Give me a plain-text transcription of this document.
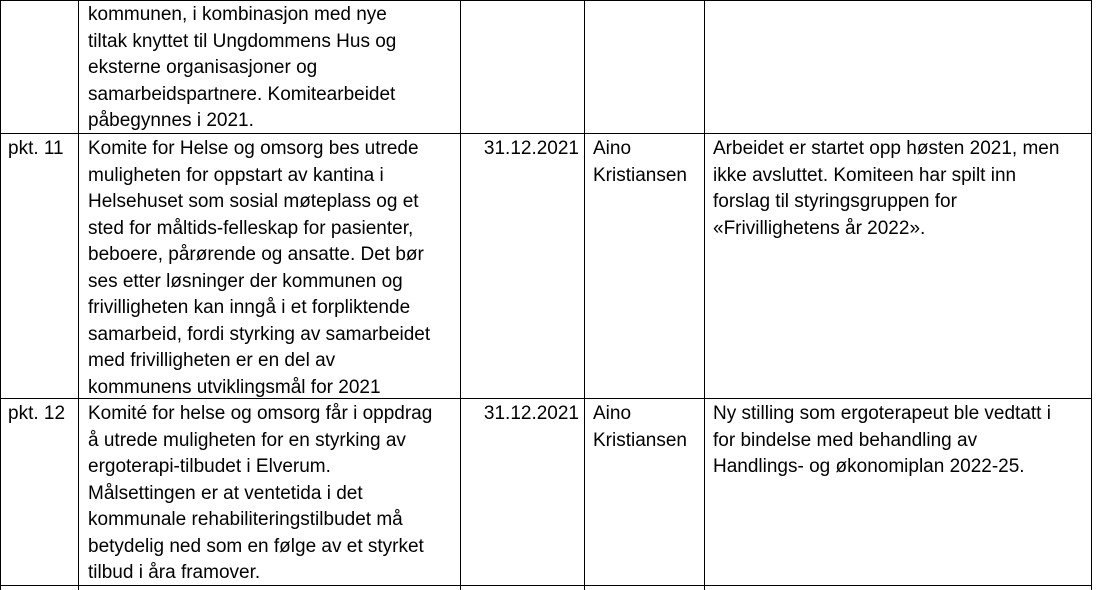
kommunen, i kombinasjon med nye
tiltak knyttet til Ungdommens Hus og
eksterne organisasjoner og
samarbeidspartnere. Komitearbeidet
påbegynnes i 2021.
pkt. 11 Komite for Helse og omsorg bes utrede
muligheten for oppstart av kantina i
Helsehuset som sosial møteplass og et
sted for måltids-felleskap for pasienter,
beboere, pårørende og ansatte. Det bør
ses etter løsninger der kommunen og
frivilligheten kan inngå i et forpliktende
samarbeid, fordi styrking av samarbeidet
med frivilligheten er en del av
kommunens utviklingsmål for 2021
31.12.2021 Aino
Kristiansen
Arbeidet er startet opp høsten 2021, men
ikke avsluttet. Komiteen har spilt inn
forslag til styringsgruppen for
«Frivillighetens år 2022».
pkt. 12 Komité for helse og omsorg får i oppdrag
å utrede muligheten for en styrking av
ergoterapi-tilbudet i Elverum.
Målsettingen er at ventetida i det
kommunale rehabiliteringstilbudet må
betydelig ned som en følge av et styrket
tilbud i åra framover.
31.12.2021 Aino
Kristiansen
Ny stilling som ergoterapeut ble vedtatt i
for bindelse med behandling av
Handlings- og økonomiplan 2022-25.
